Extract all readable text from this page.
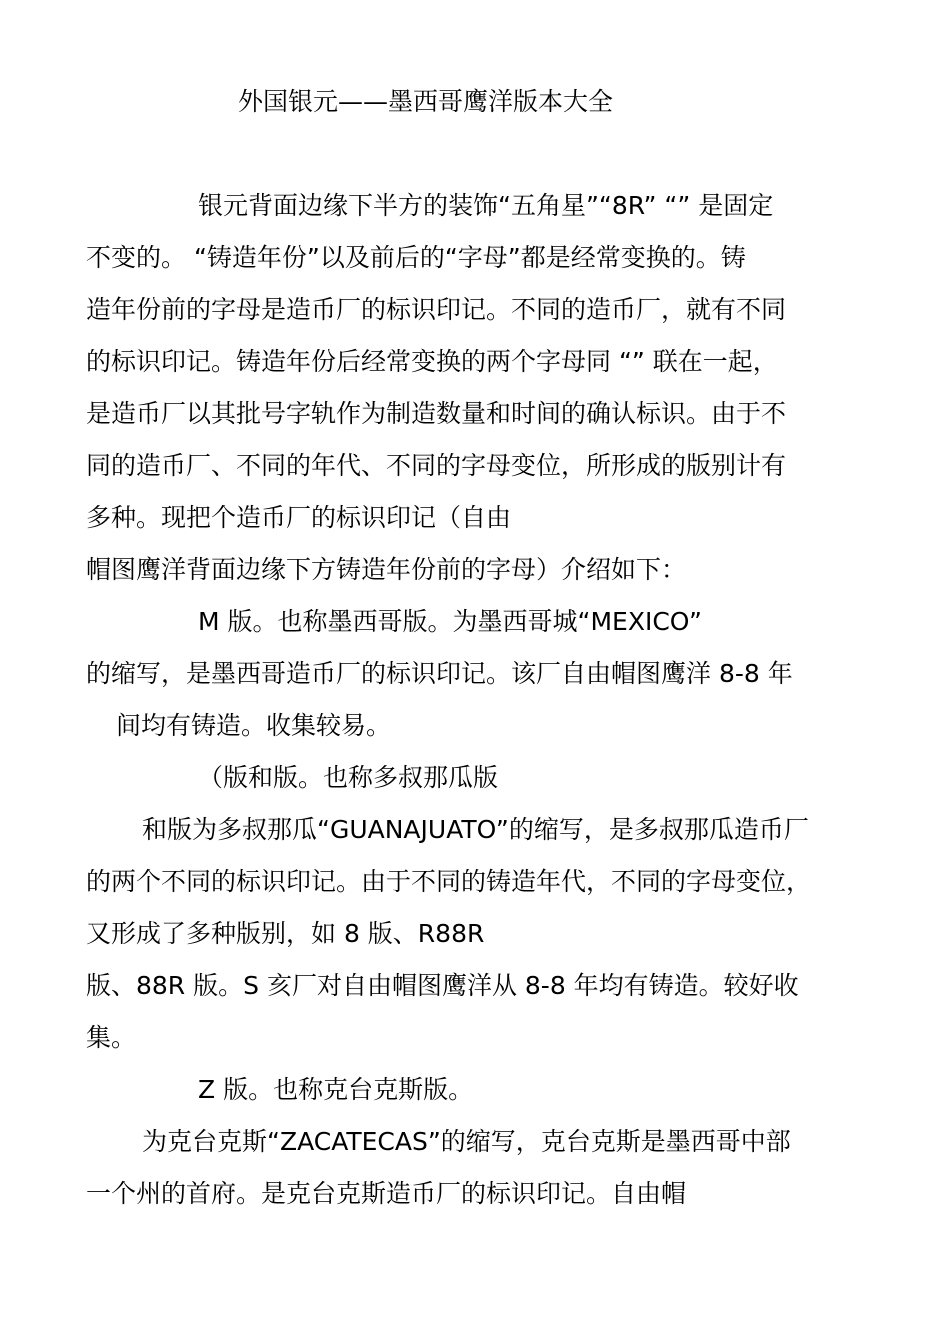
外国银元——墨西哥鹰洋版本大全
银元背面边缘下半方的装饰“五角星”“8R” “” 是固定
不变的。 “铸造年份”以及前后的“字母”都是经常变换的。铸
造年份前的字母是造币厂的标识印记。不同的造币厂，就有不同
的标识印记。铸造年份后经常变换的两个字母同 “” 联在一起，
是造币厂以其批号字轨作为制造数量和时间的确认标识。由于不
同的造币厂、不同的年代、不同的字母变位，所形成的版别计有
多种。现把个造币厂的标识印记（自由
帽图鹰洋背面边缘下方铸造年份前的字母）介绍如下：
M 版。也称墨西哥版。为墨西哥城“MEXICO”
的缩写，是墨西哥造币厂的标识印记。该厂自由帽图鹰洋 8-8 年
间均有铸造。收集较易。
（版和版。也称多叔那瓜版
和版为多叔那瓜“GUANAJUATO”的缩写，是多叔那瓜造币厂
的两个不同的标识印记。由于不同的铸造年代，不同的字母变位，
又形成了多种版别，如 8 版、R88R
版、88R 版。S 亥厂对自由帽图鹰洋从 8-8 年均有铸造。较好收
集。
Z 版。也称克台克斯版。
为克台克斯“ZACATECAS”的缩写，克台克斯是墨西哥中部
一个州的首府。是克台克斯造币厂的标识印记。自由帽
